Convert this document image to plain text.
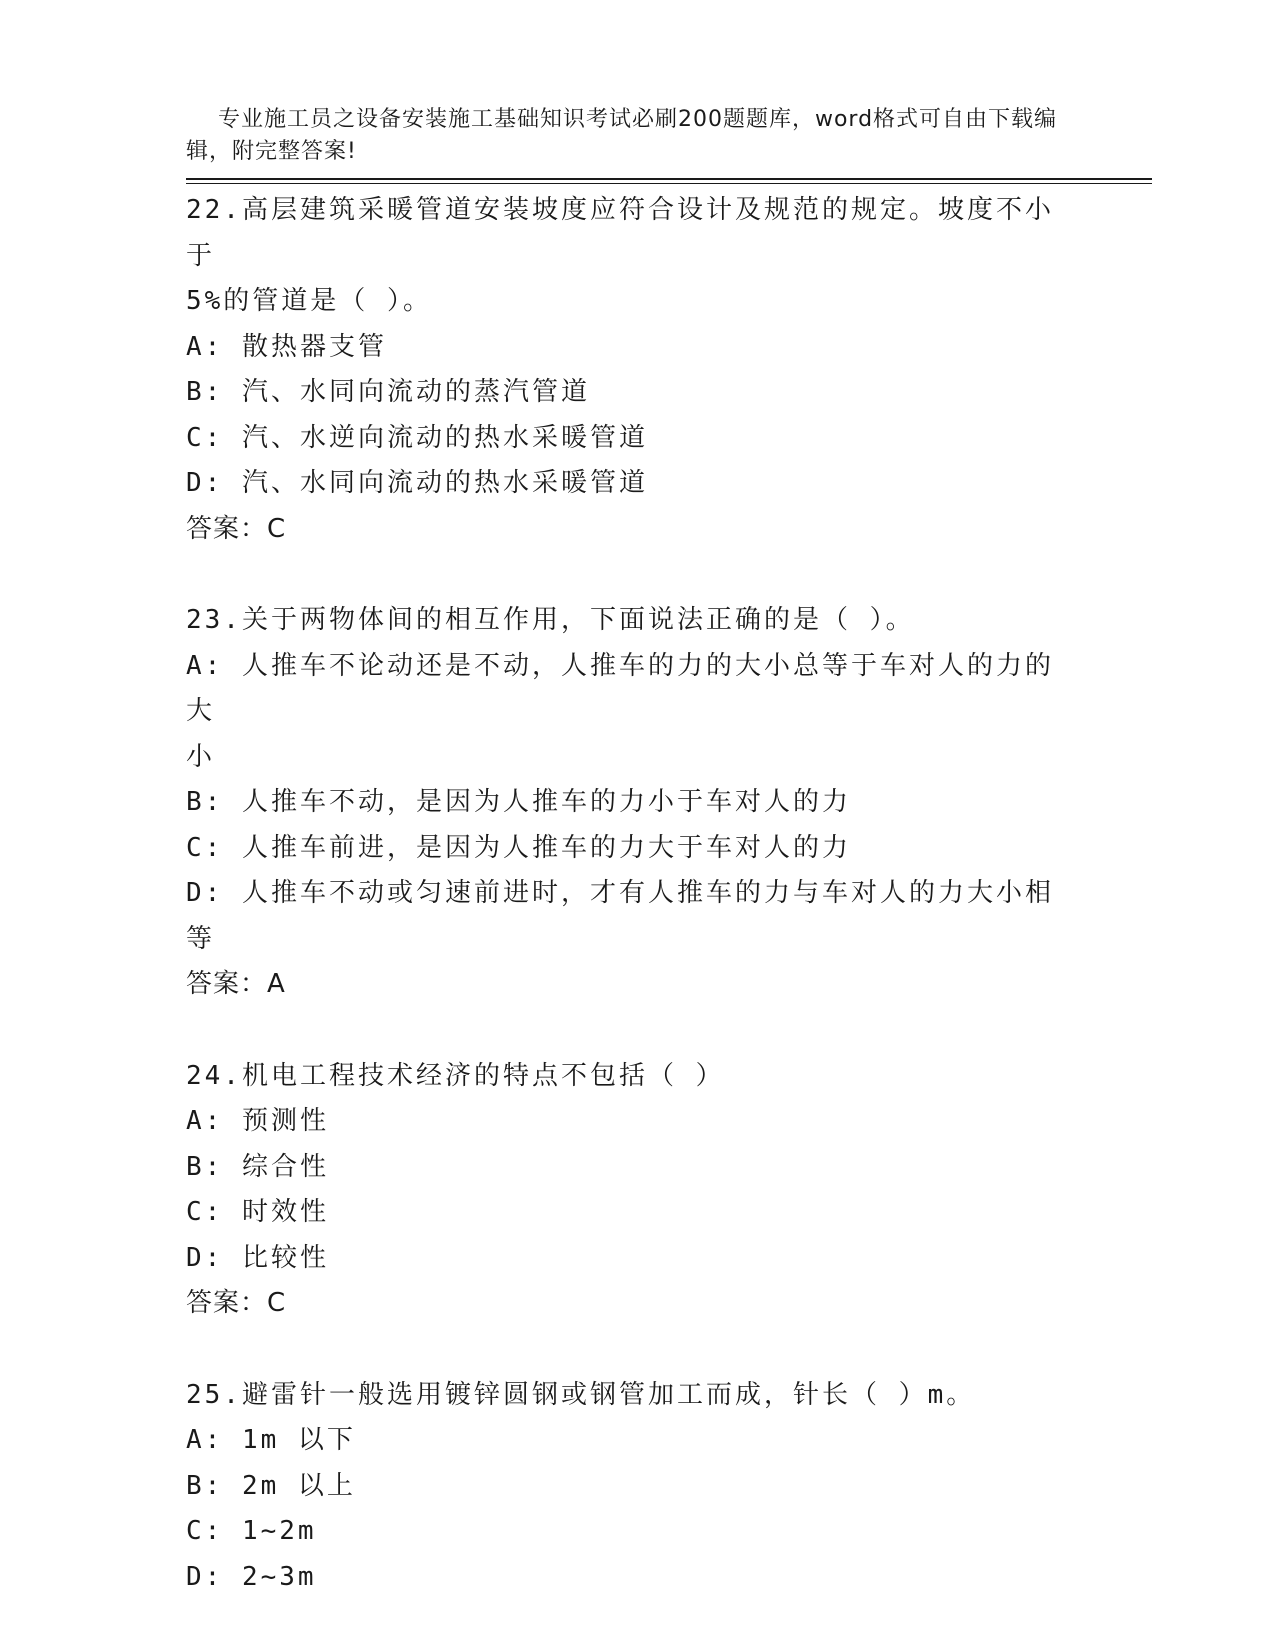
专业施工员之设备安装施工基础知识考试必刷200题题库，word格式可自由下载编辑，附完整答案!

22.高层建筑采暖管道安装坡度应符合设计及规范的规定。坡度不小于
5%的管道是（ ）。
A: 散热器支管
B: 汽、水同向流动的蒸汽管道
C: 汽、水逆向流动的热水采暖管道
D: 汽、水同向流动的热水采暖管道
答案：C
23.关于两物体间的相互作用，下面说法正确的是（ ）。
A: 人推车不论动还是不动，人推车的力的大小总等于车对人的力的大
小
B: 人推车不动，是因为人推车的力小于车对人的力
C: 人推车前进，是因为人推车的力大于车对人的力
D: 人推车不动或匀速前进时，才有人推车的力与车对人的力大小相等
答案：A
24.机电工程技术经济的特点不包括（ ）
A: 预测性
B: 综合性
C: 时效性
D: 比较性
答案：C
25.避雷针一般选用镀锌圆钢或钢管加工而成，针长（ ）m。
A: 1m 以下
B: 2m 以上
C: 1~2m
D: 2~3m
